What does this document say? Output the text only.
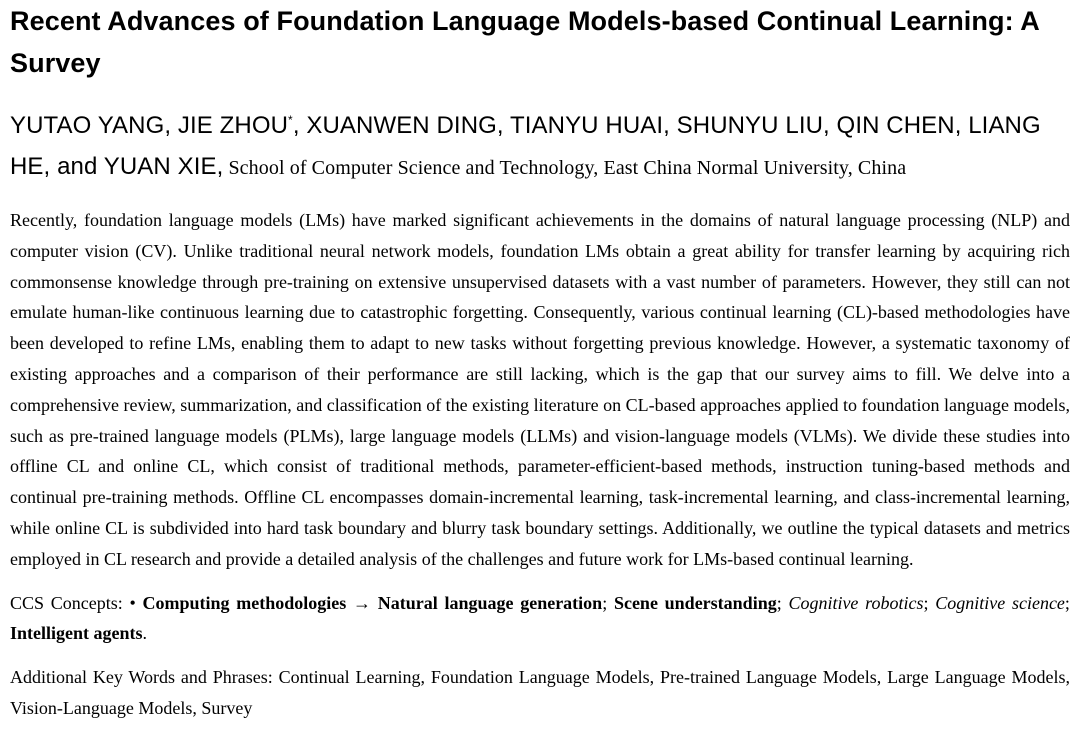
Recent Advances of Foundation Language Models-based Continual Learning: A Survey

YUTAO YANG, JIE ZHOU*, XUANWEN DING, TIANYU HUAI, SHUNYU LIU, QIN CHEN, LIANG HE, and YUAN XIE, School of Computer Science and Technology, East China Normal University, China

Recently, foundation language models (LMs) have marked significant achievements in the domains of natural language processing (NLP) and computer vision (CV). Unlike traditional neural network models, foundation LMs obtain a great ability for transfer learning by acquiring rich commonsense knowledge through pre-training on extensive unsupervised datasets with a vast number of parameters. However, they still can not emulate human-like continuous learning due to catastrophic forgetting. Consequently, various continual learning (CL)-based methodologies have been developed to refine LMs, enabling them to adapt to new tasks without forgetting previous knowledge. However, a systematic taxonomy of existing approaches and a comparison of their performance are still lacking, which is the gap that our survey aims to fill. We delve into a comprehensive review, summarization, and classification of the existing literature on CL-based approaches applied to foundation language models, such as pre-trained language models (PLMs), large language models (LLMs) and vision-language models (VLMs). We divide these studies into offline CL and online CL, which consist of traditional methods, parameter-efficient-based methods, instruction tuning-based methods and continual pre-training methods. Offline CL encompasses domain-incremental learning, task-incremental learning, and class-incremental learning, while online CL is subdivided into hard task boundary and blurry task boundary settings. Additionally, we outline the typical datasets and metrics employed in CL research and provide a detailed analysis of the challenges and future work for LMs-based continual learning.

CCS Concepts: • Computing methodologies → Natural language generation; Scene understanding; Cognitive robotics; Cognitive science; Intelligent agents.

Additional Key Words and Phrases: Continual Learning, Foundation Language Models, Pre-trained Language Models, Large Language Models, Vision-Language Models, Survey
